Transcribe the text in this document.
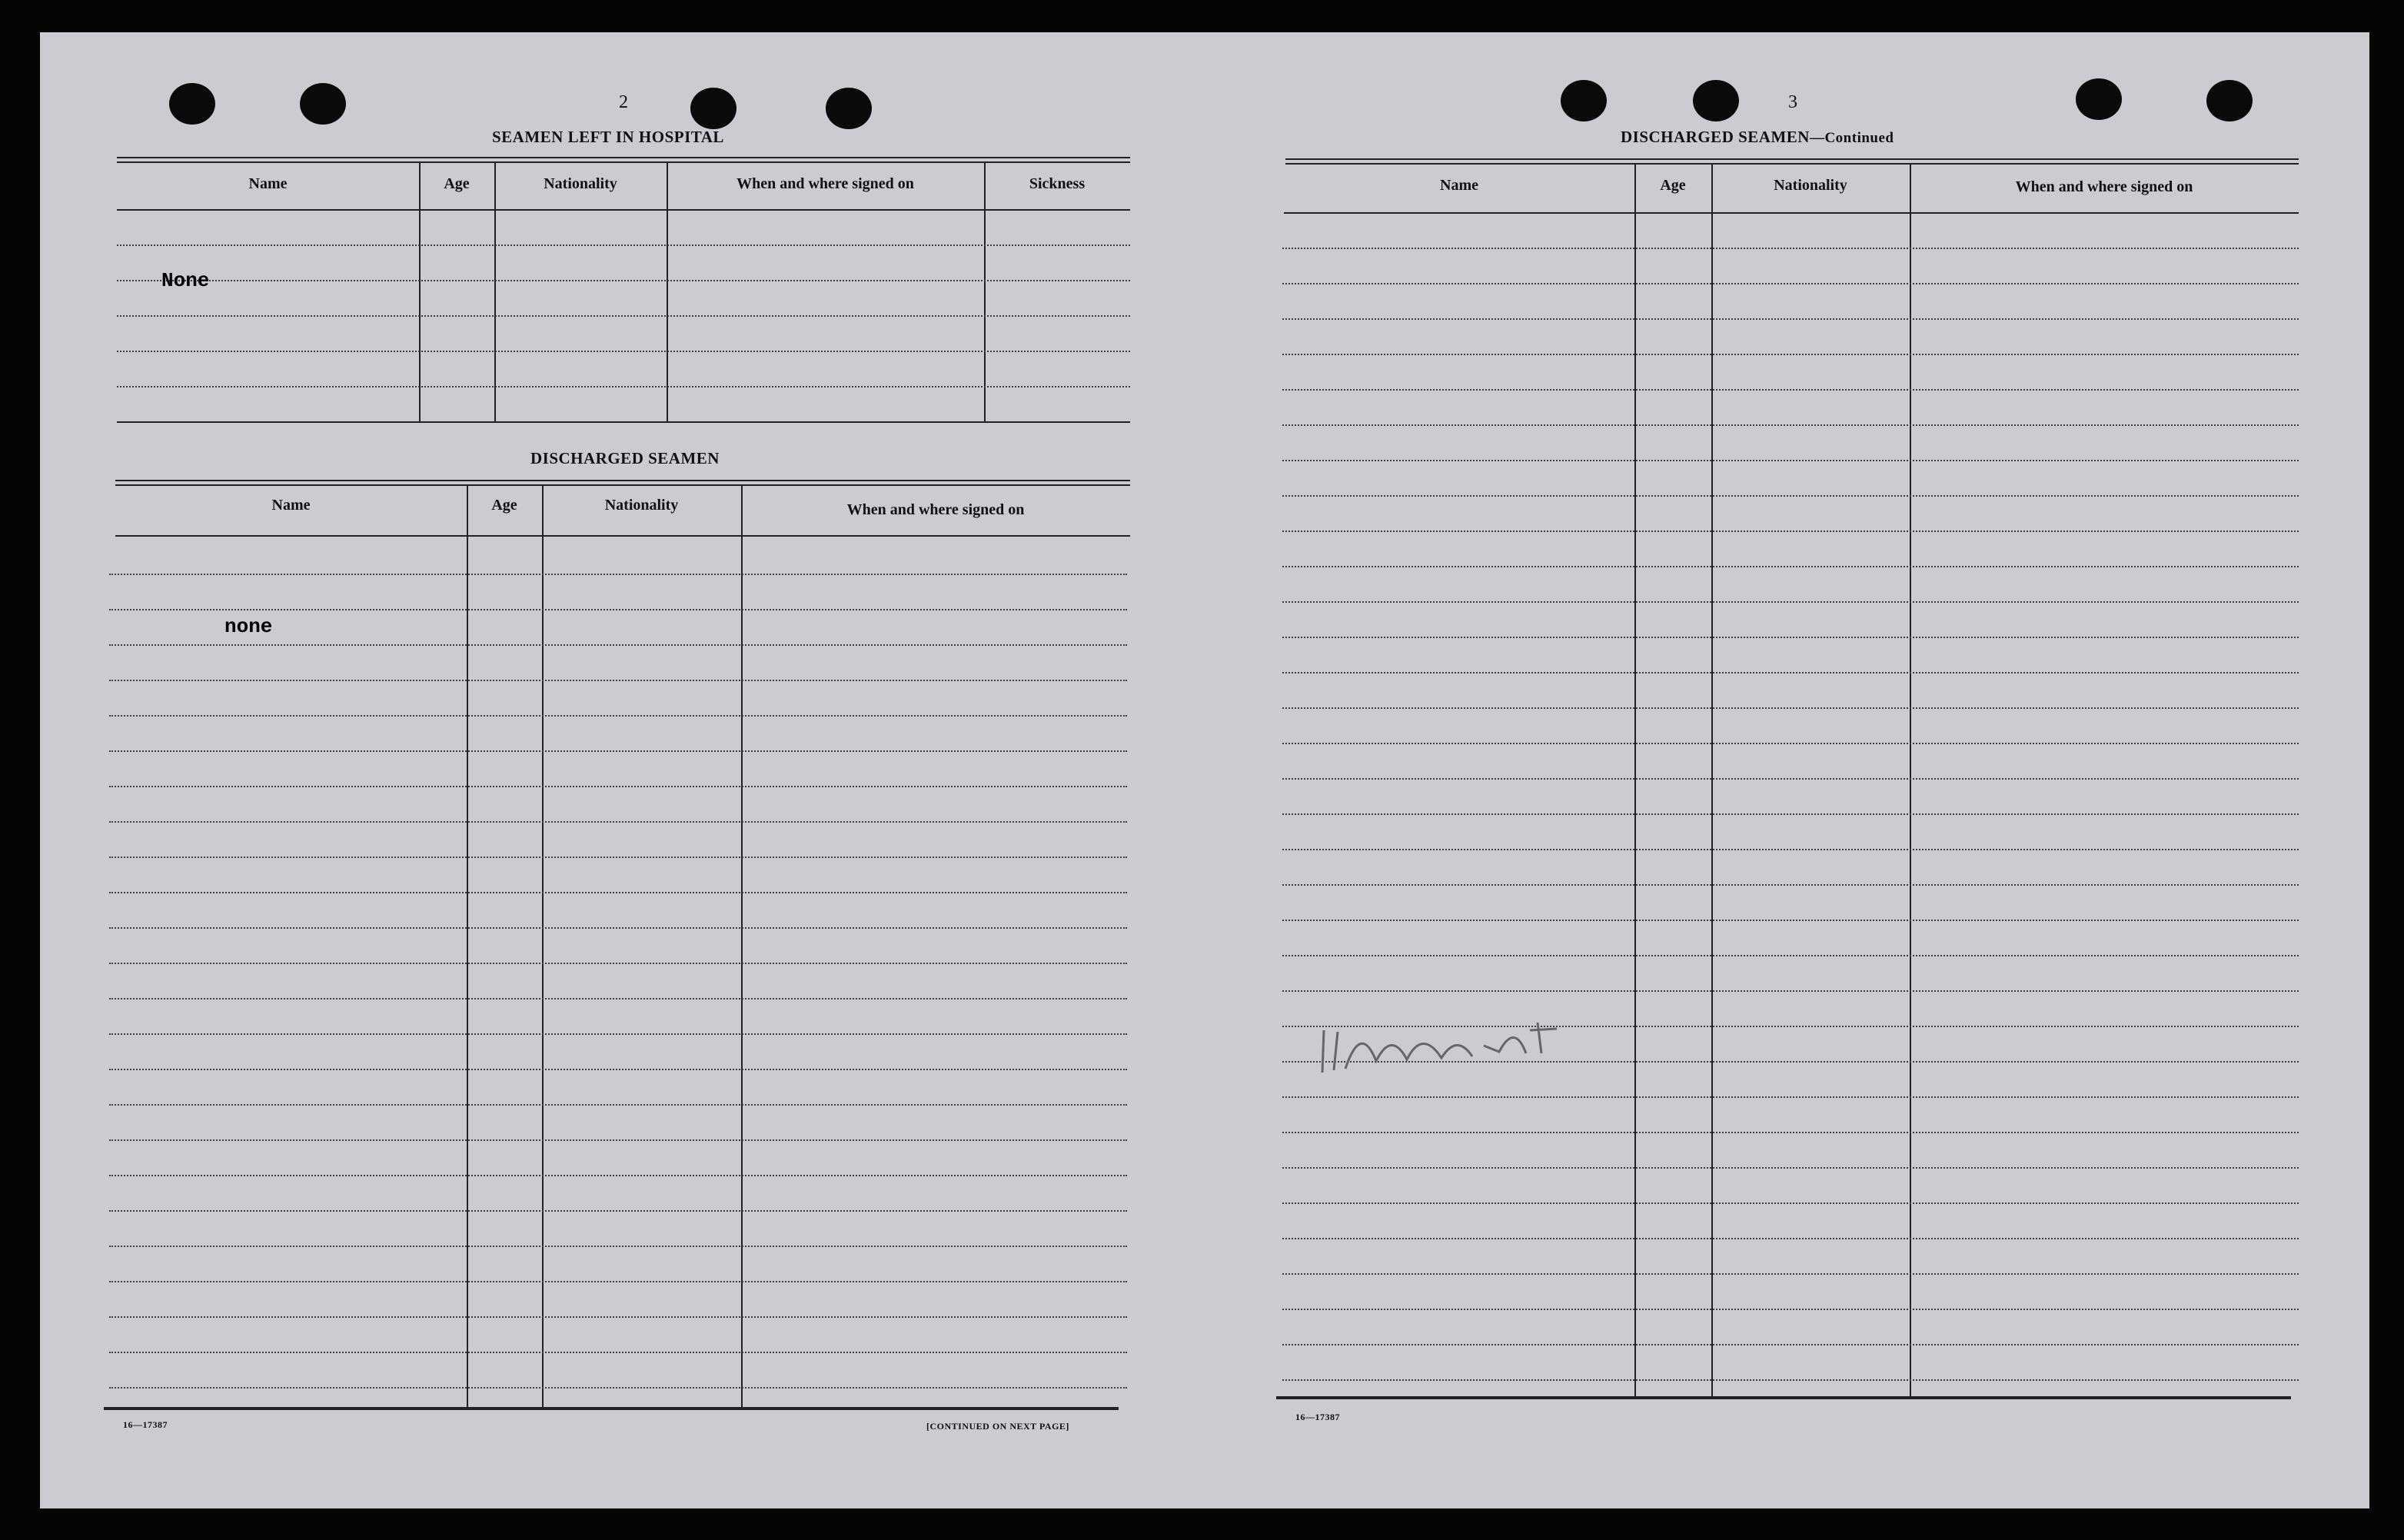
2
SEAMEN LEFT IN HOSPITAL
Name	Age	Nationality	When and where signed on	Sickness
None
DISCHARGED SEAMEN
Name	Age	Nationality	When and where signed on
none
16—17387	[CONTINUED ON NEXT PAGE]
3
DISCHARGED SEAMEN—Continued
Name	Age	Nationality	When and where signed on
16—17387
